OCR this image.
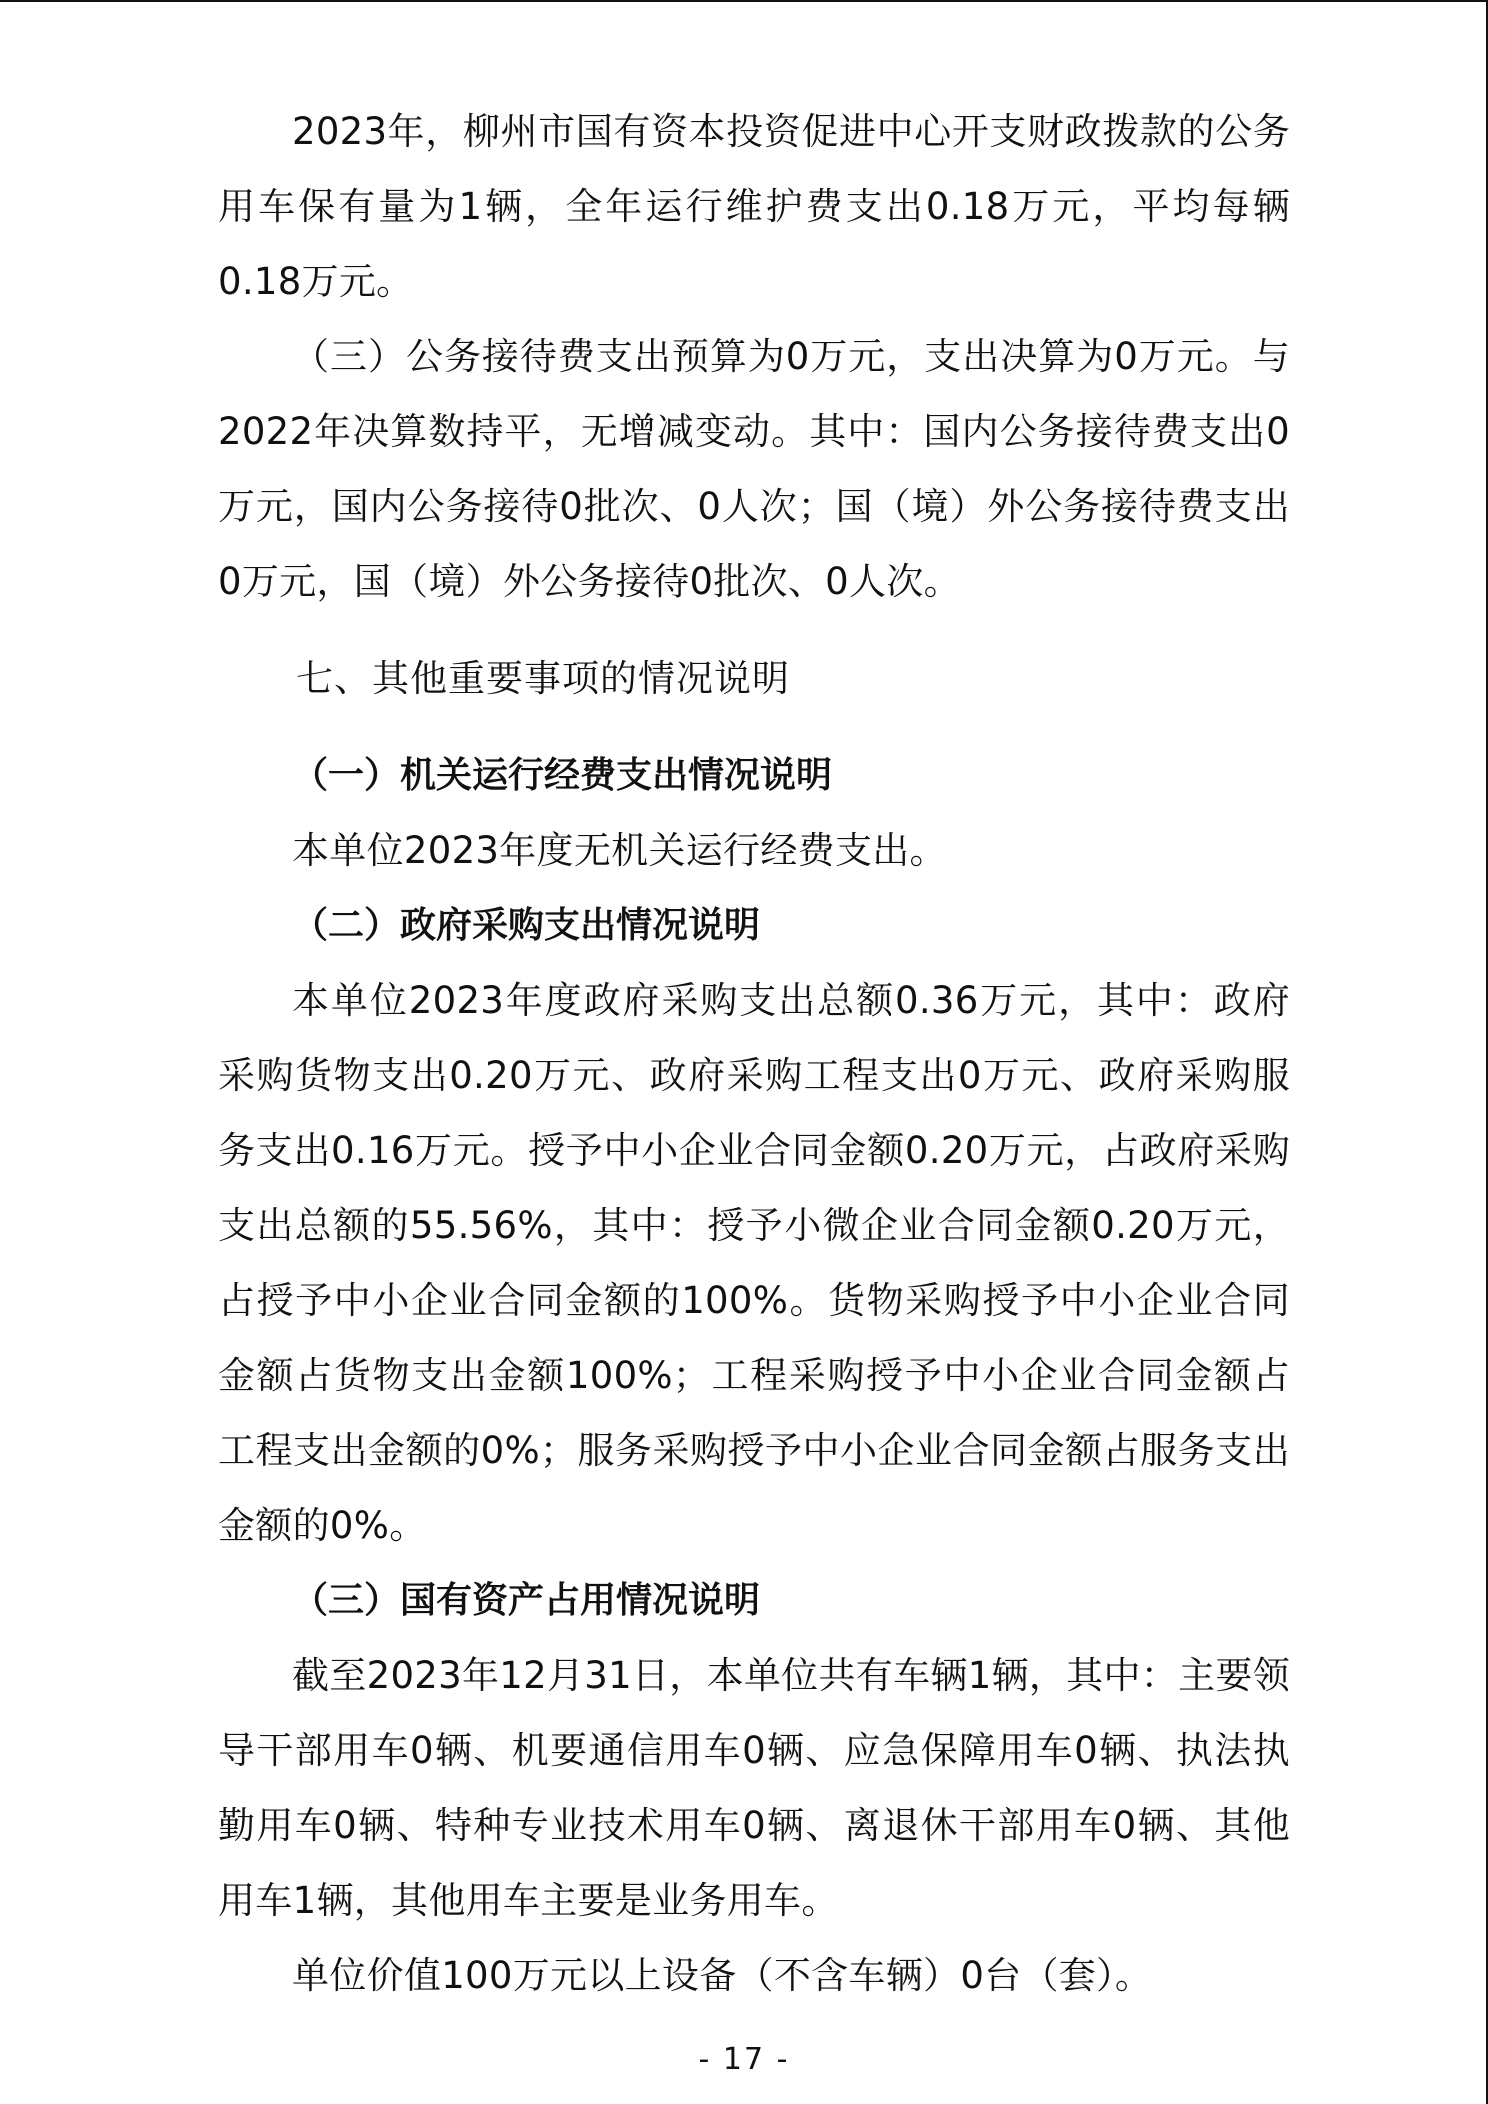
2023年，柳州市国有资本投资促进中心开支财政拨款的公务用车保有量为1辆，全年运行维护费支出0.18万元，平均每辆0.18万元。

（三）公务接待费支出预算为0万元，支出决算为0万元。与2022年决算数持平，无增减变动。其中：国内公务接待费支出0万元，国内公务接待0批次、0人次；国（境）外公务接待费支出0万元，国（境）外公务接待0批次、0人次。

七、其他重要事项的情况说明

（一）机关运行经费支出情况说明

本单位2023年度无机关运行经费支出。

（二）政府采购支出情况说明

本单位2023年度政府采购支出总额0.36万元，其中：政府采购货物支出0.20万元、政府采购工程支出0万元、政府采购服务支出0.16万元。授予中小企业合同金额0.20万元，占政府采购支出总额的55.56%，其中：授予小微企业合同金额0.20万元，占授予中小企业合同金额的100%。货物采购授予中小企业合同金额占货物支出金额100%；工程采购授予中小企业合同金额占工程支出金额的0%；服务采购授予中小企业合同金额占服务支出金额的0%。

（三）国有资产占用情况说明

截至2023年12月31日，本单位共有车辆1辆，其中：主要领导干部用车0辆、机要通信用车0辆、应急保障用车0辆、执法执勤用车0辆、特种专业技术用车0辆、离退休干部用车0辆、其他用车1辆，其他用车主要是业务用车。

单位价值100万元以上设备（不含车辆）0台（套）。

- 17 -
